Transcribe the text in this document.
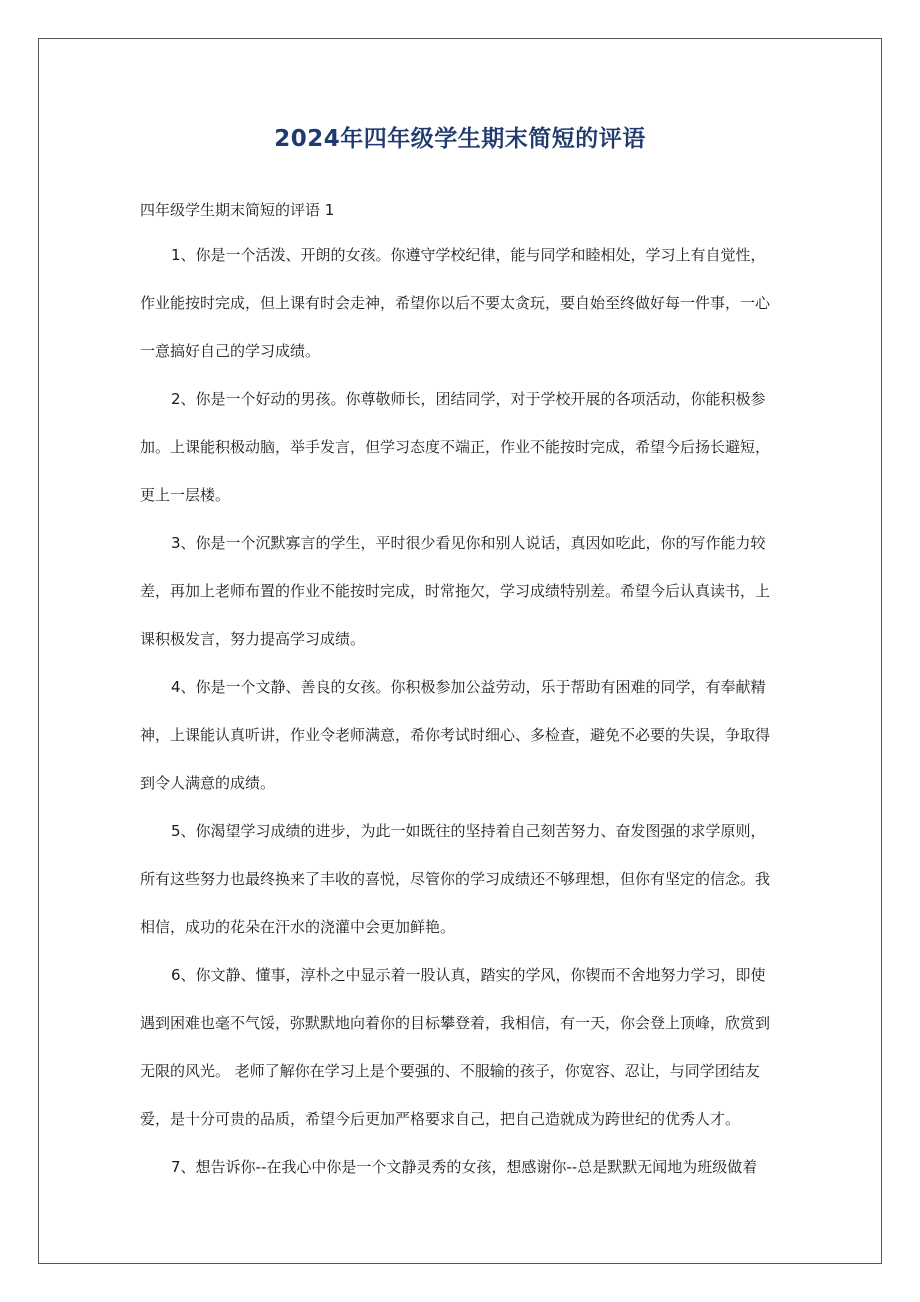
2024年四年级学生期末简短的评语

四年级学生期末简短的评语 1

1、你是一个活泼、开朗的女孩。你遵守学校纪律，能与同学和睦相处，学习上有自觉性，
作业能按时完成，但上课有时会走神，希望你以后不要太贪玩，要自始至终做好每一件事，一心
一意搞好自己的学习成绩。

2、你是一个好动的男孩。你尊敬师长，团结同学，对于学校开展的各项活动，你能积极参
加。上课能积极动脑，举手发言，但学习态度不端正，作业不能按时完成，希望今后扬长避短，
更上一层楼。

3、你是一个沉默寡言的学生，平时很少看见你和别人说话，真因如吃此，你的写作能力较
差，再加上老师布置的作业不能按时完成，时常拖欠，学习成绩特别差。希望今后认真读书，上
课积极发言，努力提高学习成绩。

4、你是一个文静、善良的女孩。你积极参加公益劳动，乐于帮助有困难的同学，有奉献精
神，上课能认真听讲，作业令老师满意，希你考试时细心、多检查，避免不必要的失误，争取得
到令人满意的成绩。

5、你渴望学习成绩的进步，为此一如既往的坚持着自己刻苦努力、奋发图强的求学原则，
所有这些努力也最终换来了丰收的喜悦，尽管你的学习成绩还不够理想，但你有坚定的信念。我
相信，成功的花朵在汗水的浇灌中会更加鲜艳。

6、你文静、懂事，淳朴之中显示着一股认真，踏实的学风，你锲而不舍地努力学习，即使
遇到困难也毫不气馁，弥默默地向着你的目标攀登着，我相信，有一天，你会登上顶峰，欣赏到
无限的风光。 老师了解你在学习上是个要强的、不服输的孩子，你宽容、忍让，与同学团结友
爱，是十分可贵的品质，希望今后更加严格要求自己，把自己造就成为跨世纪的优秀人才。

7、想告诉你--在我心中你是一个文静灵秀的女孩，想感谢你--总是默默无闻地为班级做着
